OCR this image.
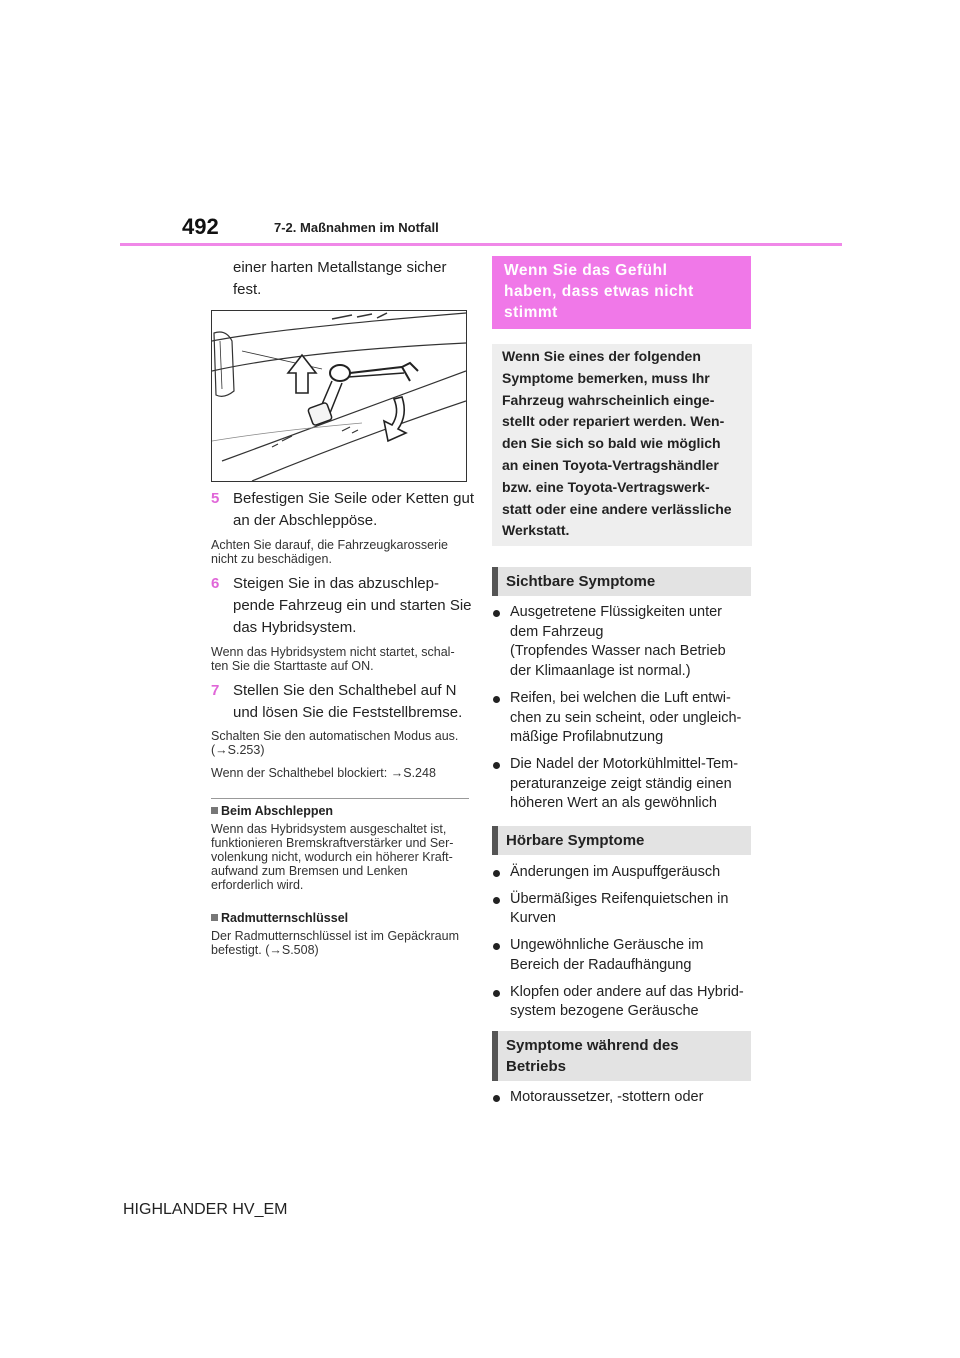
492	7-2. Maßnahmen im Notfall
einer harten Metallstange sicher
fest.
5 Befestigen Sie Seile oder Ketten gut
an der Abschleppöse.
Achten Sie darauf, die Fahrzeugkarosserie
nicht zu beschädigen.
6 Steigen Sie in das abzuschlep-
pende Fahrzeug ein und starten Sie
das Hybridsystem.
Wenn das Hybridsystem nicht startet, schal-
ten Sie die Starttaste auf ON.
7 Stellen Sie den Schalthebel auf N
und lösen Sie die Feststellbremse.
Schalten Sie den automatischen Modus aus.
(→S.253)
Wenn der Schalthebel blockiert: →S.248
Beim Abschleppen
Wenn das Hybridsystem ausgeschaltet ist,
funktionieren Bremskraftverstärker und Ser-
volenkung nicht, wodurch ein höherer Kraft-
aufwand zum Bremsen und Lenken
erforderlich wird.
Radmutternschlüssel
Der Radmutternschlüssel ist im Gepäckraum
befestigt. (→S.508)
Wenn Sie das Gefühl
haben, dass etwas nicht
stimmt
Wenn Sie eines der folgenden
Symptome bemerken, muss Ihr
Fahrzeug wahrscheinlich einge-
stellt oder repariert werden. Wen-
den Sie sich so bald wie möglich
an einen Toyota-Vertragshändler
bzw. eine Toyota-Vertragswerk-
statt oder eine andere verlässliche
Werkstatt.
Sichtbare Symptome
Ausgetretene Flüssigkeiten unter
dem Fahrzeug
(Tropfendes Wasser nach Betrieb
der Klimaanlage ist normal.)
Reifen, bei welchen die Luft entwi-
chen zu sein scheint, oder ungleich-
mäßige Profilabnutzung
Die Nadel der Motorkühlmittel-Tem-
peraturanzeige zeigt ständig einen
höheren Wert an als gewöhnlich
Hörbare Symptome
Änderungen im Auspuffgeräusch
Übermäßiges Reifenquietschen in
Kurven
Ungewöhnliche Geräusche im
Bereich der Radaufhängung
Klopfen oder andere auf das Hybrid-
system bezogene Geräusche
Symptome während des
Betriebs
Motoraussetzer, -stottern oder
HIGHLANDER HV_EM
